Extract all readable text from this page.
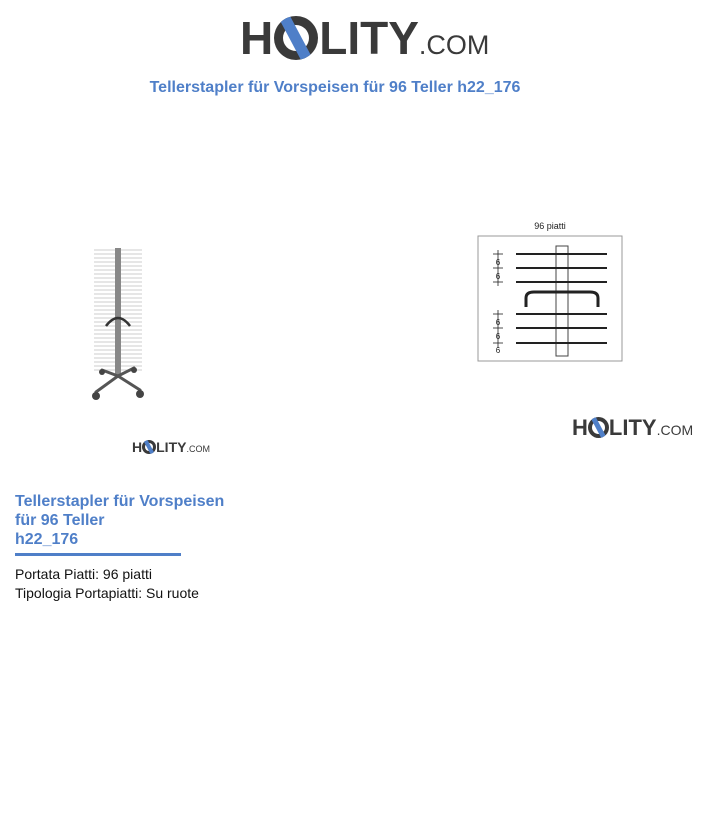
H LITY .COM
Tellerstapler für Vorspeisen für 96 Teller h22_176
96 piatti
6
6
6
6
6
H LITY .COM
H LITY .COM
Tellerstapler für Vorspeisen
für 96 Teller
h22_176
Portata Piatti: 96 piatti
Tipologia Portapiatti: Su ruote
